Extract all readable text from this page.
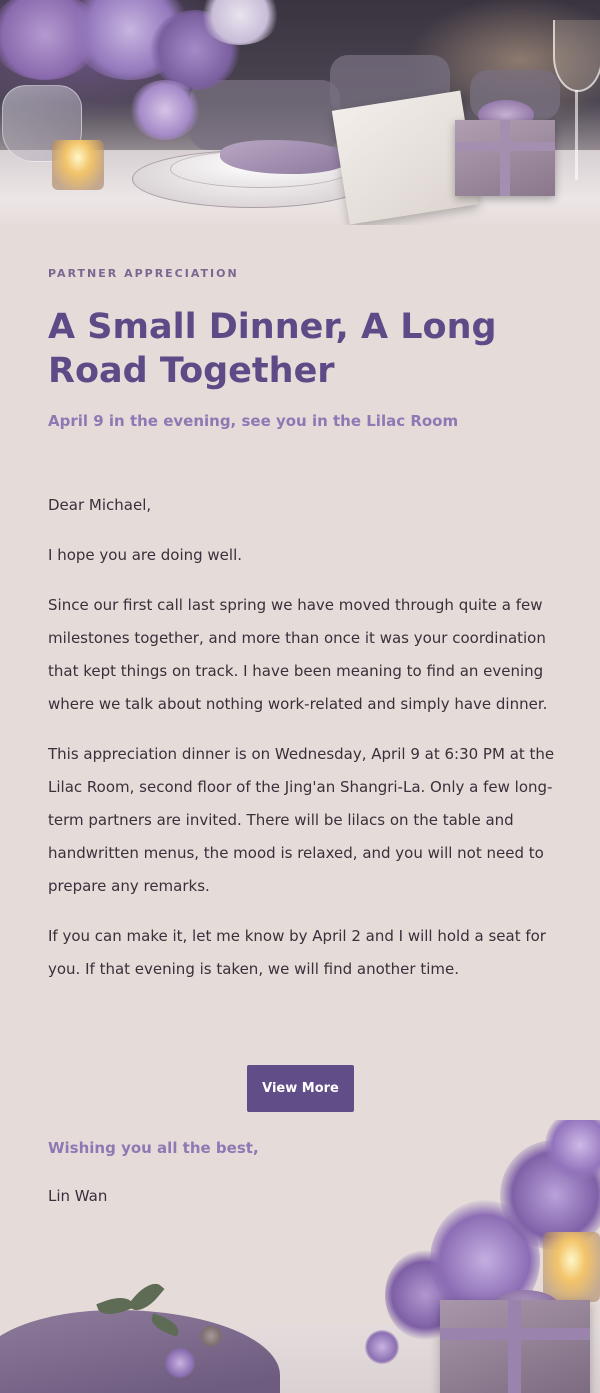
PARTNER APPRECIATION
A Small Dinner, A Long Road Together
April 9 in the evening, see you in the Lilac Room

Dear Michael,

I hope you are doing well.

Since our first call last spring we have moved through quite a few milestones together, and more than once it was your coordination that kept things on track. I have been meaning to find an evening where we talk about nothing work-related and simply have dinner.

This appreciation dinner is on Wednesday, April 9 at 6:30 PM at the Lilac Room, second floor of the Jing'an Shangri-La. Only a few long-term partners are invited. There will be lilacs on the table and handwritten menus, the mood is relaxed, and you will not need to prepare any remarks.

If you can make it, let me know by April 2 and I will hold a seat for you. If that evening is taken, we will find another time.

View More
Wishing you all the best,
Lin Wan
